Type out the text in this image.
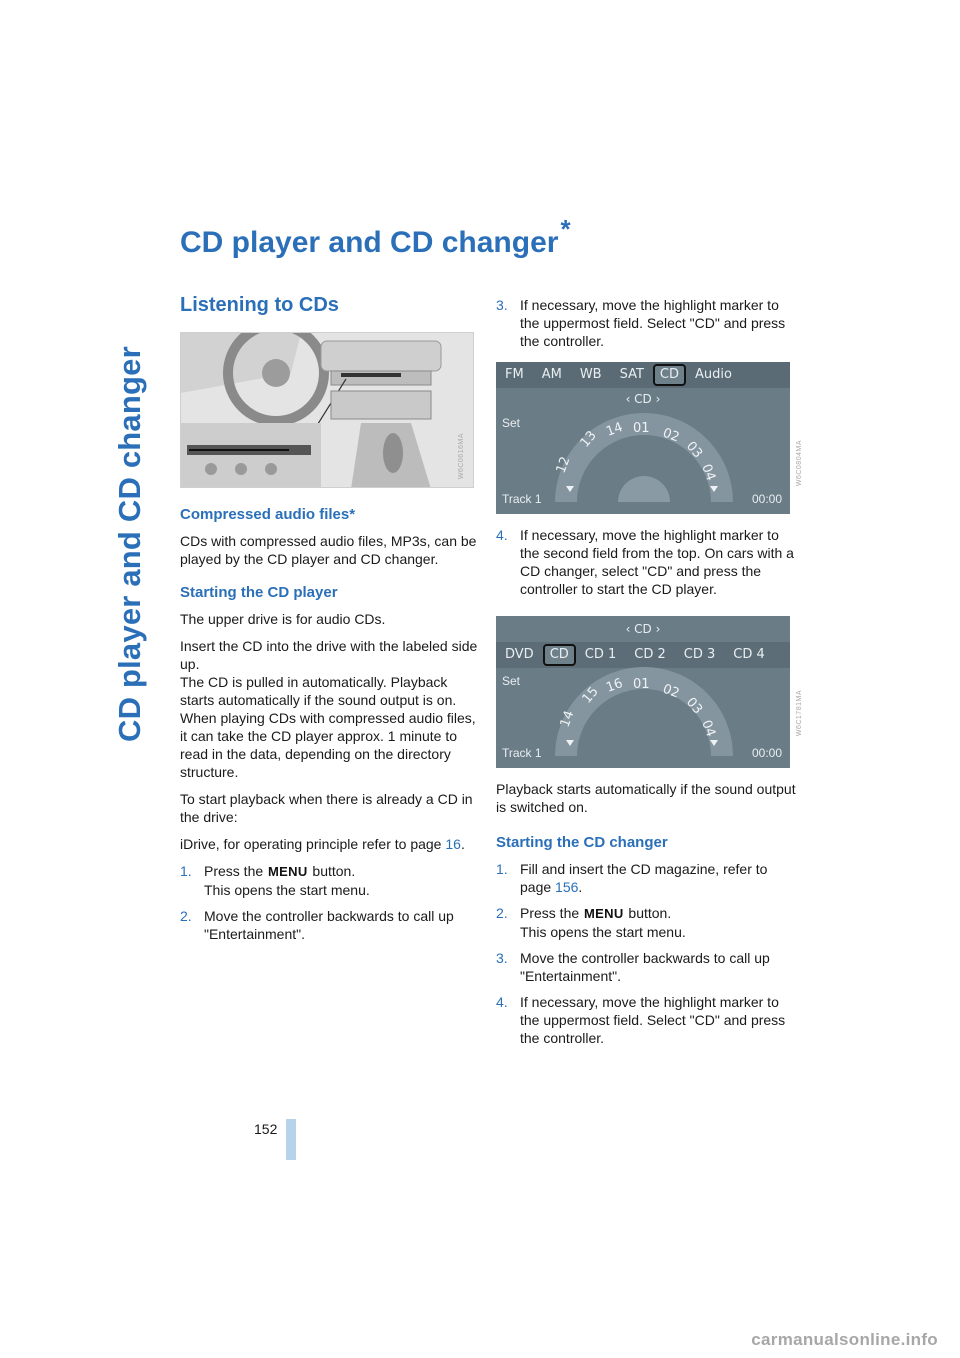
CD player and CD changer
CD player and CD changer*
Listening to CDs
W6C0616MA
Compressed audio files*

CDs with compressed audio files, MP3s, can be played by the CD player and CD changer.

Starting the CD player

The upper drive is for audio CDs.

Insert the CD into the drive with the labeled side up.

The CD is pulled in automatically. Playback starts automatically if the sound output is on. When playing CDs with compressed audio files, it can take the CD player approx. 1 minute to read in the data, depending on the directory structure.

To start playback when there is already a CD in the drive:

iDrive, for operating principle refer to page 16.

1. Press the MENU button.
This opens the start menu.
2. Move the controller backwards to call up "Entertainment".
3. If necessary, move the highlight marker to the uppermost field. Select "CD" and press the controller.
FM	AM	WB	SAT	CD	Audio
‹ CD ›
Set
12
13 14 01 02
03
04
Track 1	00:00
4. If necessary, move the highlight marker to the second field from the top. On cars with a CD changer, select "CD" and press the controller to start the CD player.
‹ CD ›
DVD	CD	CD 1	CD 2	CD 3	CD 4
Set
14
15 16 01 02
03
04
Track 1	00:00

Playback starts automatically if the sound output is switched on.

Starting the CD changer
1. Fill and insert the CD magazine, refer to page 156.
2. Press the MENU button.
This opens the start menu.
3. Move the controller backwards to call up "Entertainment".
4. If necessary, move the highlight marker to the uppermost field. Select "CD" and press the controller.
W6C0804MA
W6C1781MA
152
carmanualsonline.info
